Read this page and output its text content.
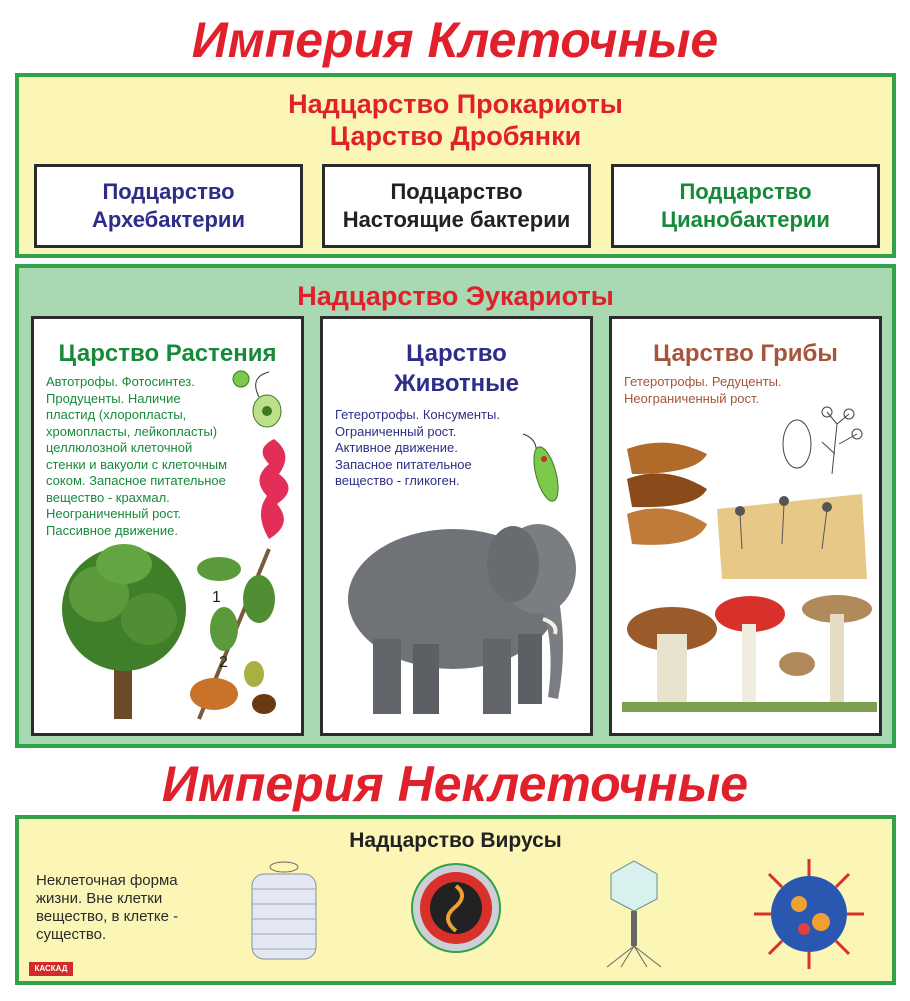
Империя Клеточные
Надцарство Прокариоты
Царство Дробянки
Подцарство
Архебактерии
Подцарство
Настоящие бактерии
Подцарство
Цианобактерии
Надцарство Эукариоты
Царство Растения
Автотрофы. Фотосинтез.
Продуценты. Наличие
пластид (хлоропласты,
хромопласты, лейкопласты)
целлюлозной клеточной
стенки и вакуоли с клеточным
соком. Запасное питательное
вещество - крахмал.
Неограниченный рост.
Пассивное движение.
1
2
Царство
Животные
Гетеротрофы. Консументы.
Ограниченный рост.
Активное движение.
Запасное питательное
вещество - гликоген.
Царство Грибы
Гетеротрофы. Редуценты.
Неограниченный рост.
Империя Неклеточные
Надцарство Вирусы
Неклеточная форма
жизни. Вне клетки
вещество, в клетке -
существо.
КАСКАД
